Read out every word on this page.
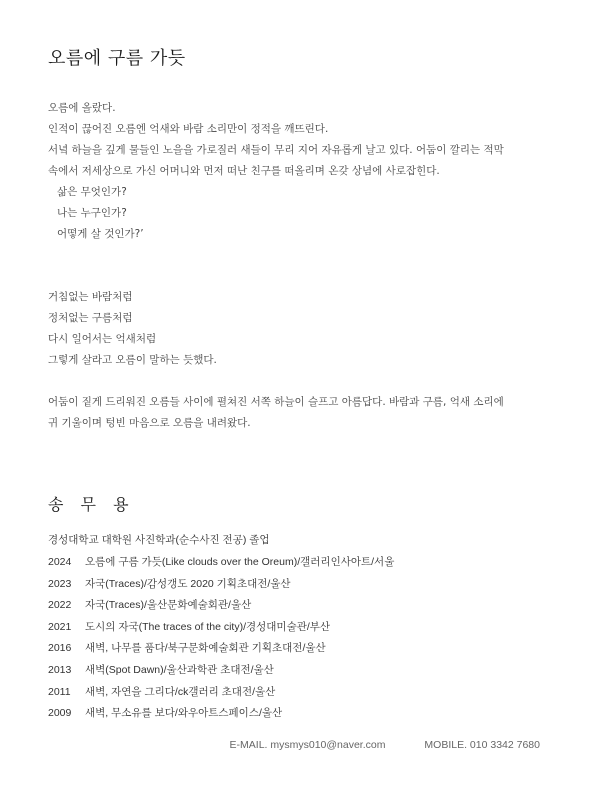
오름에 구름 가듯
오름에 올랐다.
인적이 끊어진 오름엔 억새와 바람 소리만이 정적을 깨뜨린다.
서녘 하늘을 깊게 물들인 노을을 가로질러 새들이 무리 지어 자유롭게 날고 있다. 어둠이 깔리는 적막
속에서 저세상으로 가신 어머니와 먼저 떠난 친구를 떠올리며 온갖 상념에 사로잡힌다.
삶은 무엇인가?
나는 누구인가?
어떻게 살 것인가?’
거침없는 바람처럼
정처없는 구름처럼
다시 일어서는 억새처럼
그렇게 살라고 오름이 말하는 듯했다.
어둠이 짙게 드리워진 오름들 사이에 펼쳐진 서쪽 하늘이 슬프고 아름답다. 바람과 구름, 억새 소리에
귀 기울이며 텅빈 마음으로 오름을 내려왔다.
송 무 용
경성대학교 대학원 사진학과(순수사진 전공) 졸업
2024	오름에 구름 가듯(Like clouds over the Oreum)/갤러리인사아트/서울
2023	자국(Traces)/감성갱도 2020 기획초대전/울산
2022	자국(Traces)/울산문화예술회관/울산
2021	도시의 자국(The traces of the city)/경성대미술관/부산
2016	새벽, 나무를 품다/북구문화예술회관 기획초대전/울산
2013	새벽(Spot Dawn)/울산과학관 초대전/울산
2011	새벽, 자연을 그리다/ck갤러리 초대전/울산
2009	새벽, 무소유를 보다/와우아트스페이스/울산
E-MAIL. mysmys010@naver.com	MOBILE. 010 3342 7680
